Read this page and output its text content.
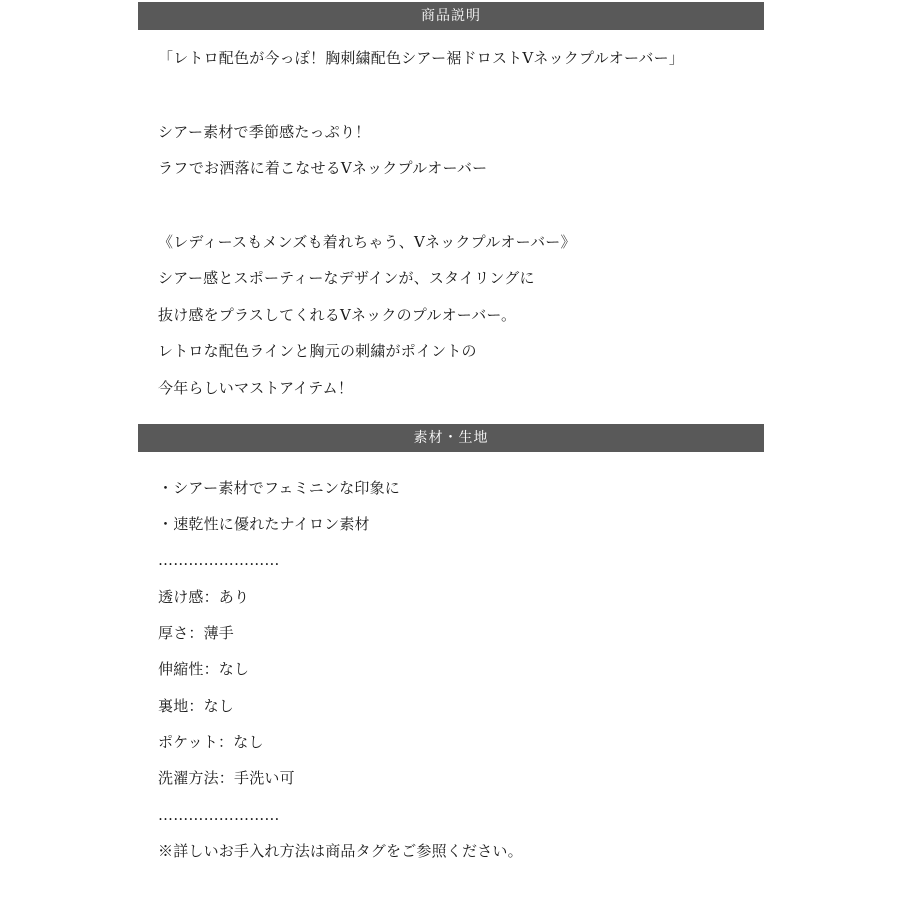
商品説明
「レトロ配色が今っぽ！胸刺繍配色シアー裾ドロストVネックプルオーバー」
シアー素材で季節感たっぷり！
ラフでお洒落に着こなせるVネックプルオーバー
《レディースもメンズも着れちゃう、Vネックプルオーバー》
シアー感とスポーティーなデザインが、スタイリングに
抜け感をプラスしてくれるVネックのプルオーバー。
レトロな配色ラインと胸元の刺繍がポイントの
今年らしいマストアイテム！
素材・生地
・シアー素材でフェミニンな印象に
・速乾性に優れたナイロン素材
……………………
透け感：あり
厚さ：薄手
伸縮性：なし
裏地：なし
ポケット：なし
洗濯方法：手洗い可
……………………
※詳しいお手入れ方法は商品タグをご参照ください。
